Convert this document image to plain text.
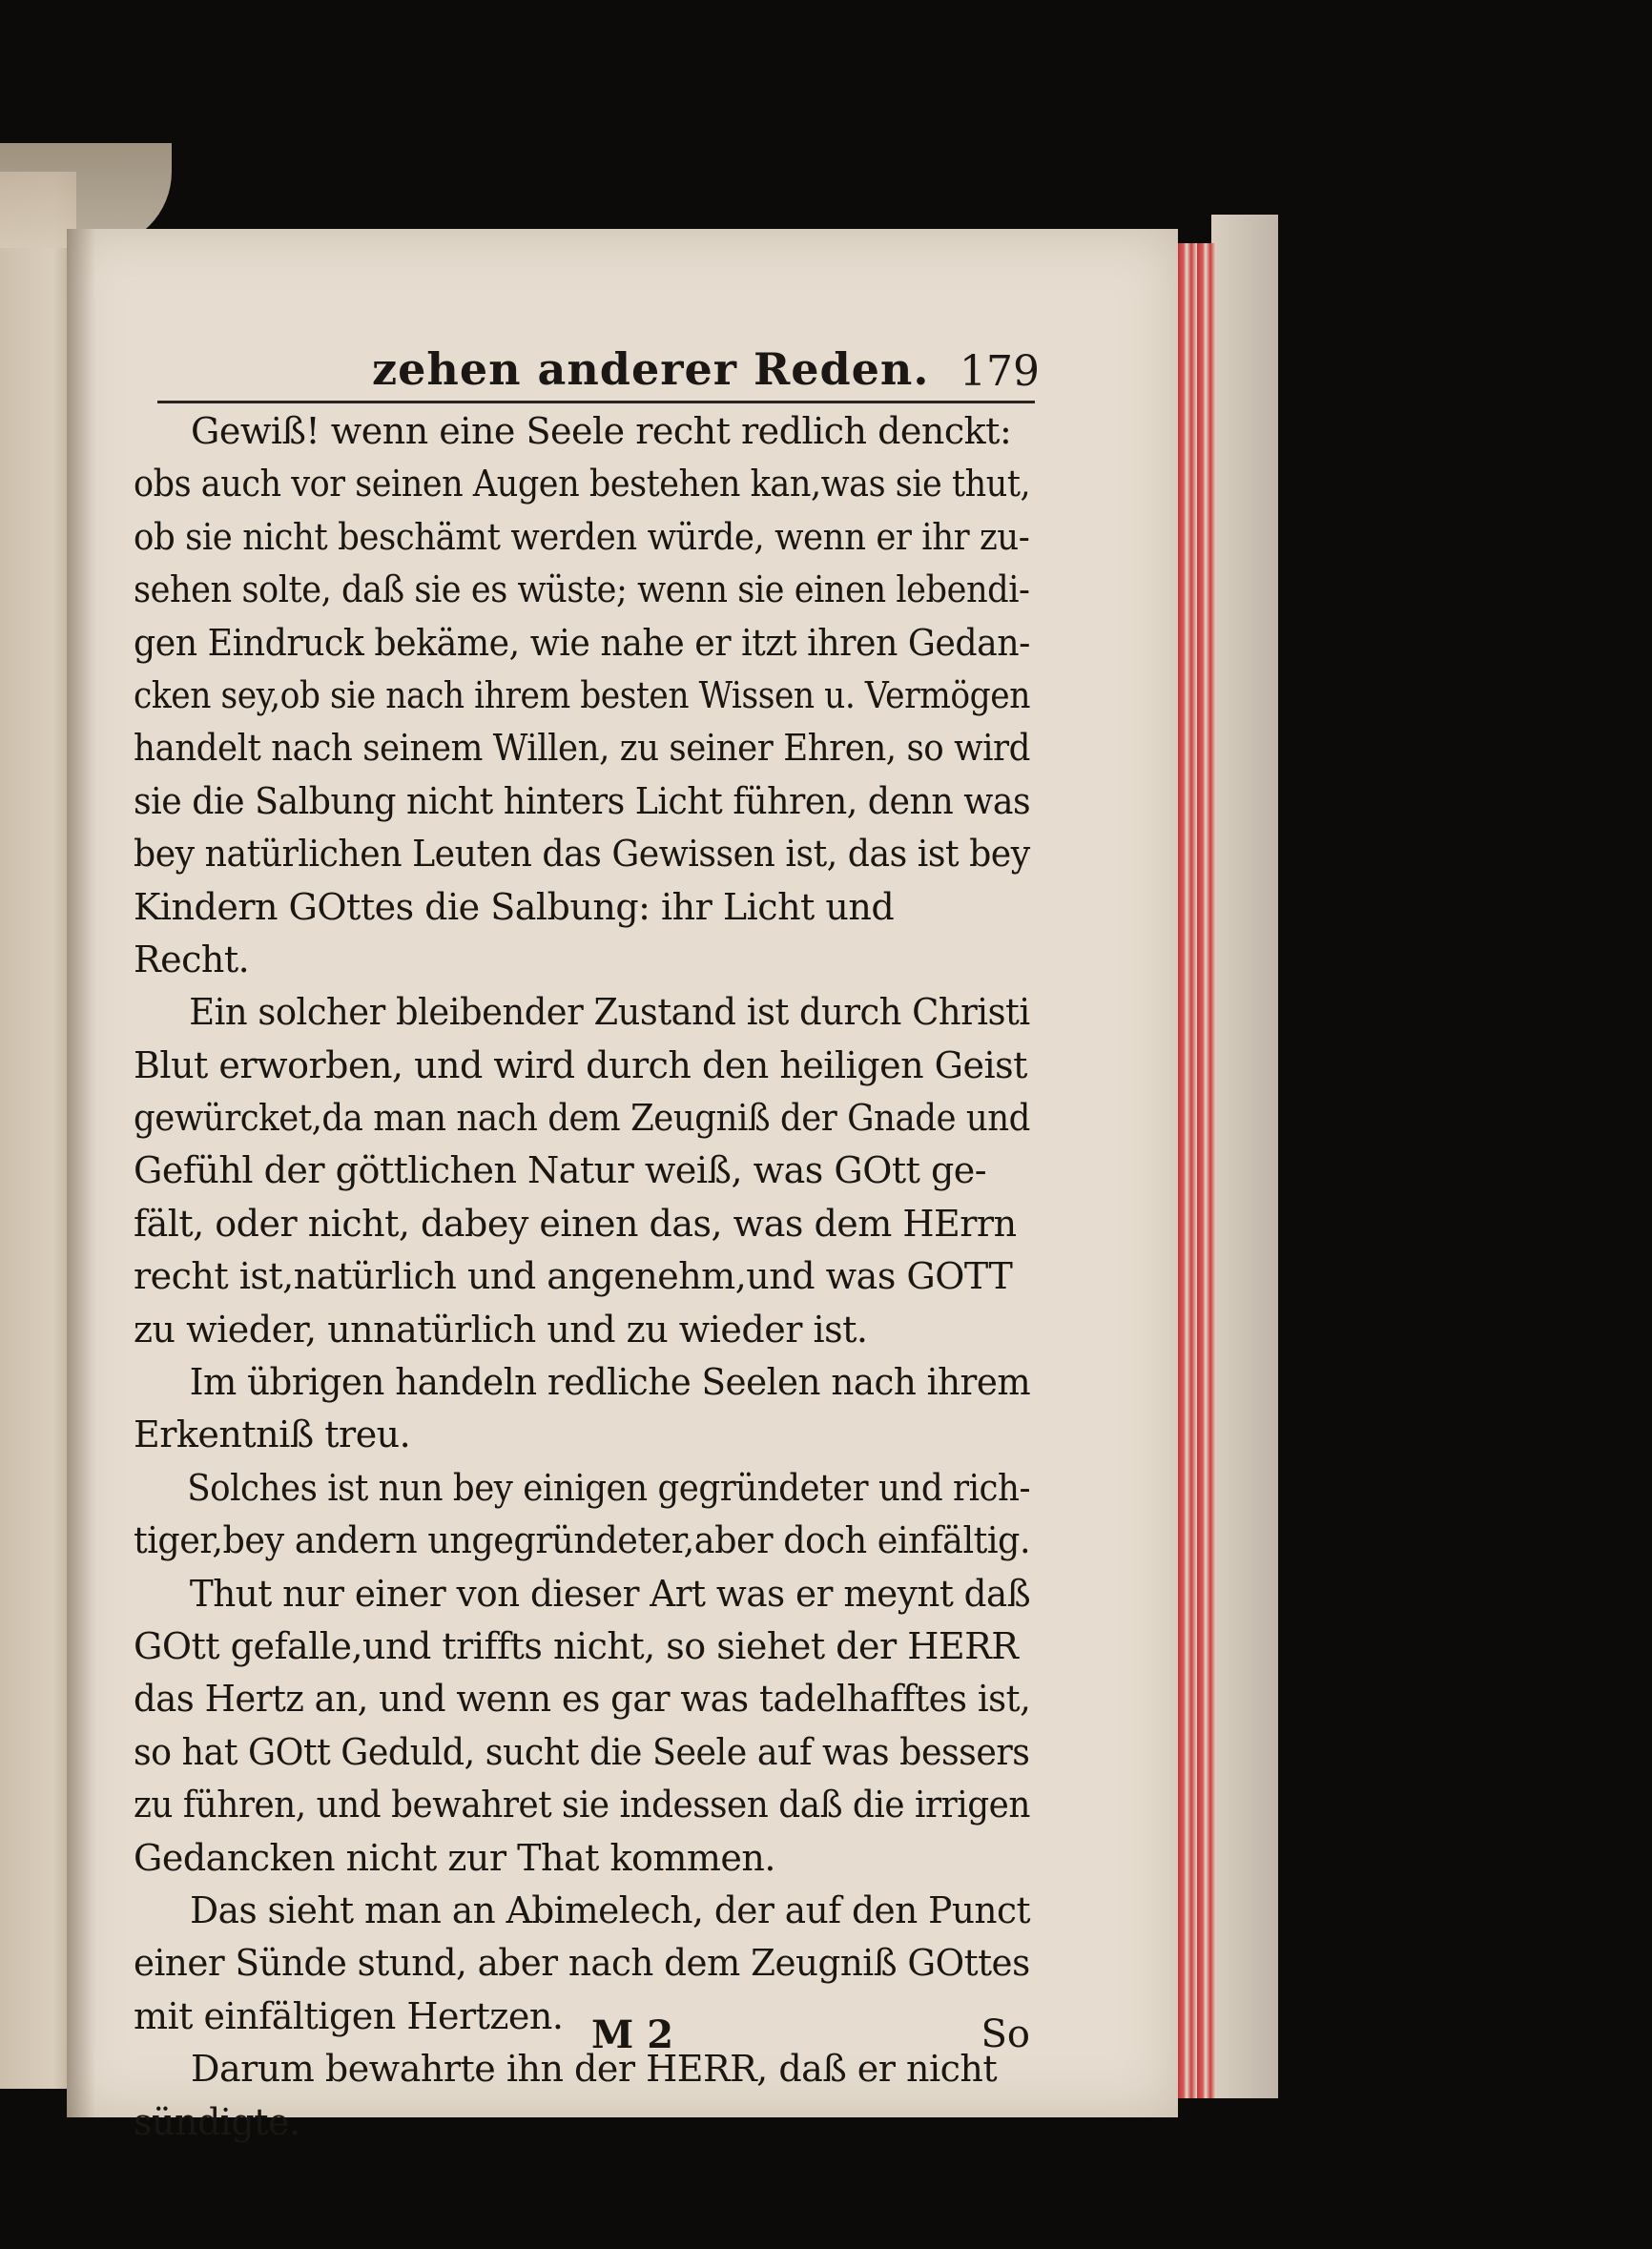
zehen anderer Reden. 179
Gewiß! wenn eine Seele recht redlich denckt:
obs auch vor seinen Augen bestehen kan,was sie thut,
ob sie nicht beschämt werden würde, wenn er ihr zu-
sehen solte, daß sie es wüste; wenn sie einen lebendi-
gen Eindruck bekäme, wie nahe er itzt ihren Gedan-
cken sey,ob sie nach ihrem besten Wissen u. Vermögen
handelt nach seinem Willen, zu seiner Ehren, so wird
sie die Salbung nicht hinters Licht führen, denn was
bey natürlichen Leuten das Gewissen ist, das ist bey
Kindern GOttes die Salbung: ihr Licht und
Recht.
Ein solcher bleibender Zustand ist durch Christi
Blut erworben, und wird durch den heiligen Geist
gewürcket,da man nach dem Zeugniß der Gnade und
Gefühl der göttlichen Natur weiß, was GOtt ge-
fält, oder nicht, dabey einen das, was dem HErrn
recht ist,natürlich und angenehm,und was GOTT
zu wieder, unnatürlich und zu wieder ist.
Im übrigen handeln redliche Seelen nach ihrem
Erkentniß treu.
Solches ist nun bey einigen gegründeter und rich-
tiger,bey andern ungegründeter,aber doch einfältig.
Thut nur einer von dieser Art was er meynt daß
GOtt gefalle,und triffts nicht, so siehet der HERR
das Hertz an, und wenn es gar was tadelhafftes ist,
so hat GOtt Geduld, sucht die Seele auf was bessers
zu führen, und bewahret sie indessen daß die irrigen
Gedancken nicht zur That kommen.
Das sieht man an Abimelech, der auf den Punct
einer Sünde stund, aber nach dem Zeugniß GOttes
mit einfältigen Hertzen.
Darum bewahrte ihn der HERR, daß er nicht
sündigte.
M 2	So
